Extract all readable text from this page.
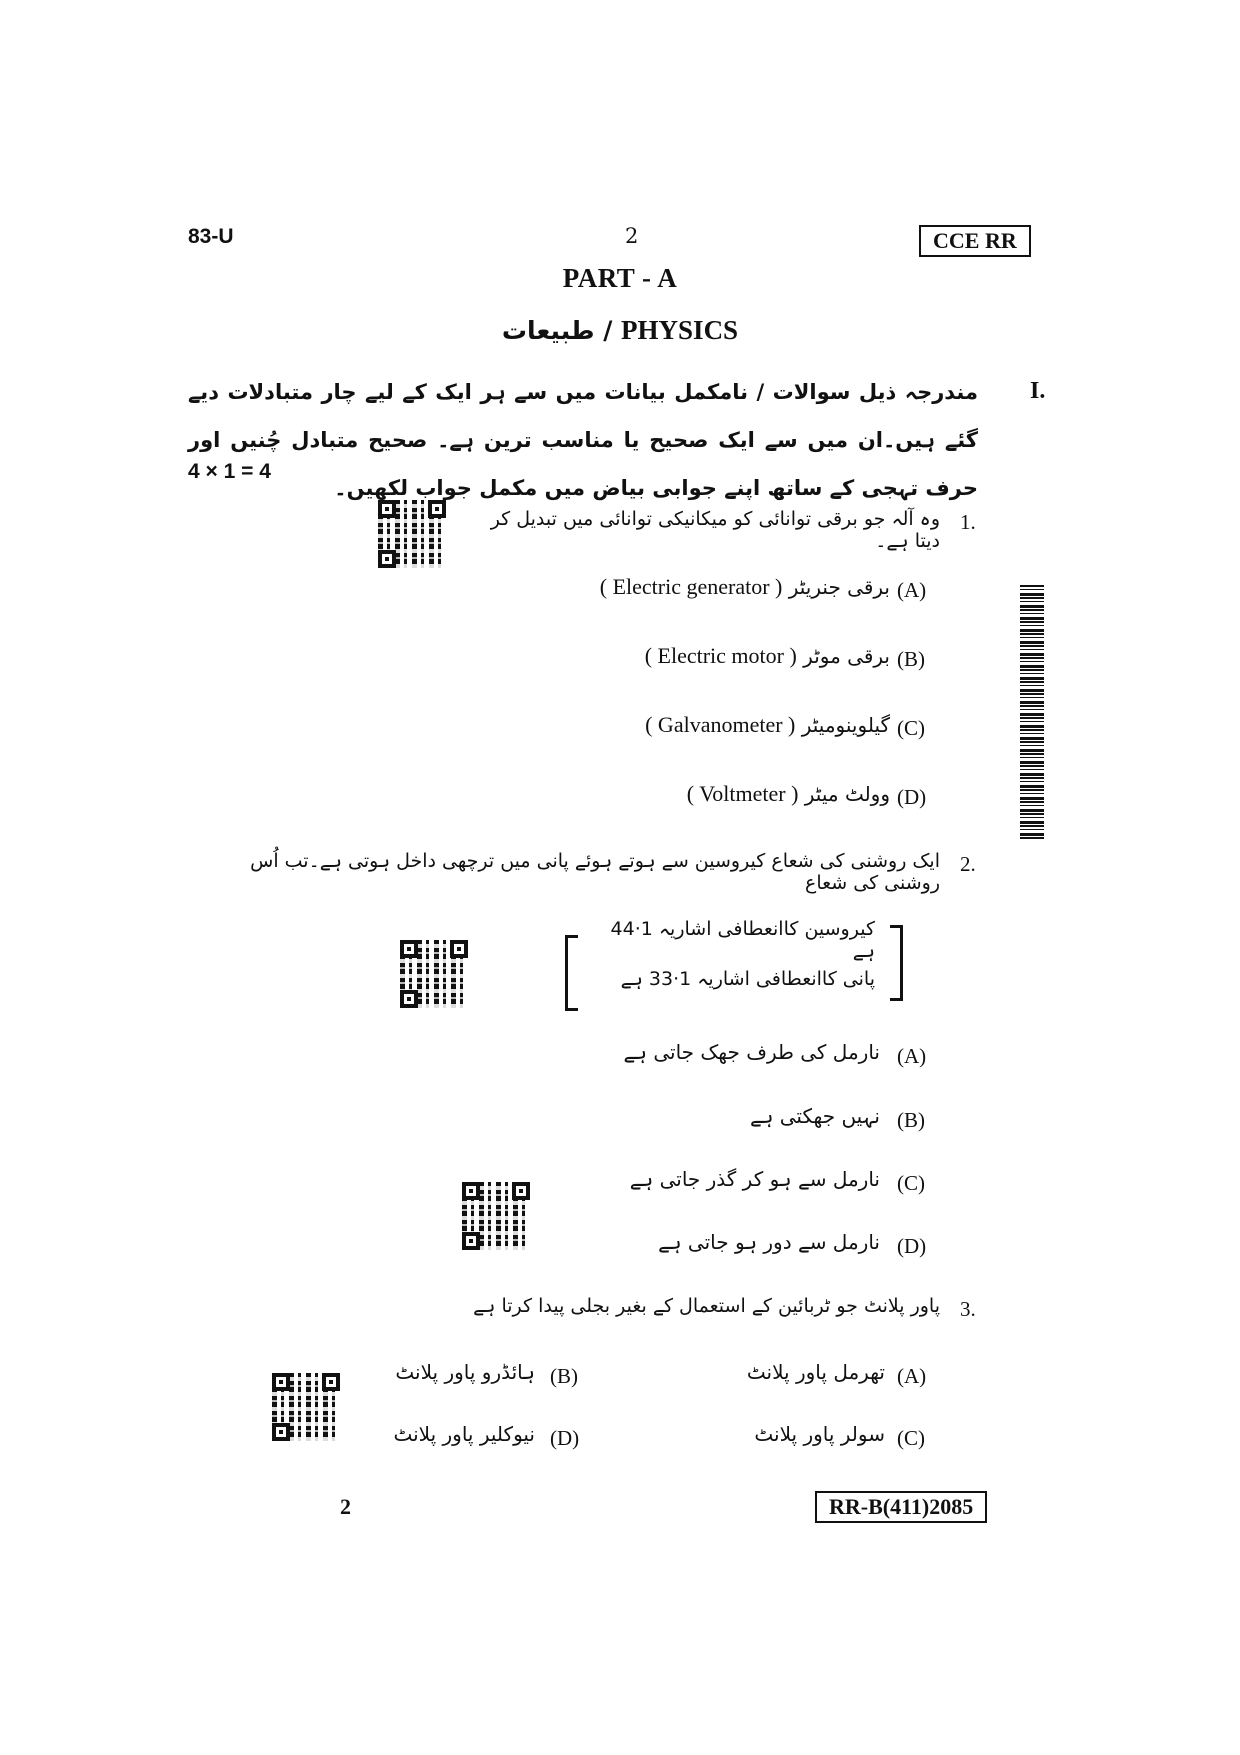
83-U	2	CCE RR
PART - A
طبیعات / PHYSICS
I.
مندرجہ ذیل سوالات / نامکمل بیانات میں سے ہر ایک کے لیے چار متبادلات دیے گئے ہیں۔ان میں سے ایک صحیح یا مناسب ترین ہے۔ صحیح متبادل چُنیں اور حرف تہجی کے ساتھ اپنے جوابی بیاض میں مکمل جواب لکھیں۔
4 × 1 = 4
1.
وہ آلہ جو برقی توانائی کو میکانیکی توانائی میں تبدیل کر دیتا ہے۔
( Electric generator ) برقی جنریٹر (A)
( Electric motor ) برقی موٹر (B)
( Galvanometer ) گیلوینومیٹر (C)
( Voltmeter ) وولٹ میٹر (D)
2.
ایک روشنی کی شعاع کیروسین سے ہوتے ہوئے پانی میں ترچھی داخل ہوتی ہے۔تب اُس روشنی کی شعاع
کیروسین کاانعطافی اشاریہ 1·44 ہے
پانی کاانعطافی اشاریہ 1·33 ہے
نارمل کی طرف جھک جاتی ہے (A)
نہیں جھکتی ہے (B)
نارمل سے ہو کر گذر جاتی ہے (C)
نارمل سے دور ہو جاتی ہے (D)
3.
پاور پلانٹ جو ٹربائین کے استعمال کے بغیر بجلی پیدا کرتا ہے
تھرمل پاور پلانٹ (A)
ہائڈرو پاور پلانٹ (B)
سولر پاور پلانٹ (C)
نیوکلیر پاور پلانٹ (D)
2	RR-B(411)2085
